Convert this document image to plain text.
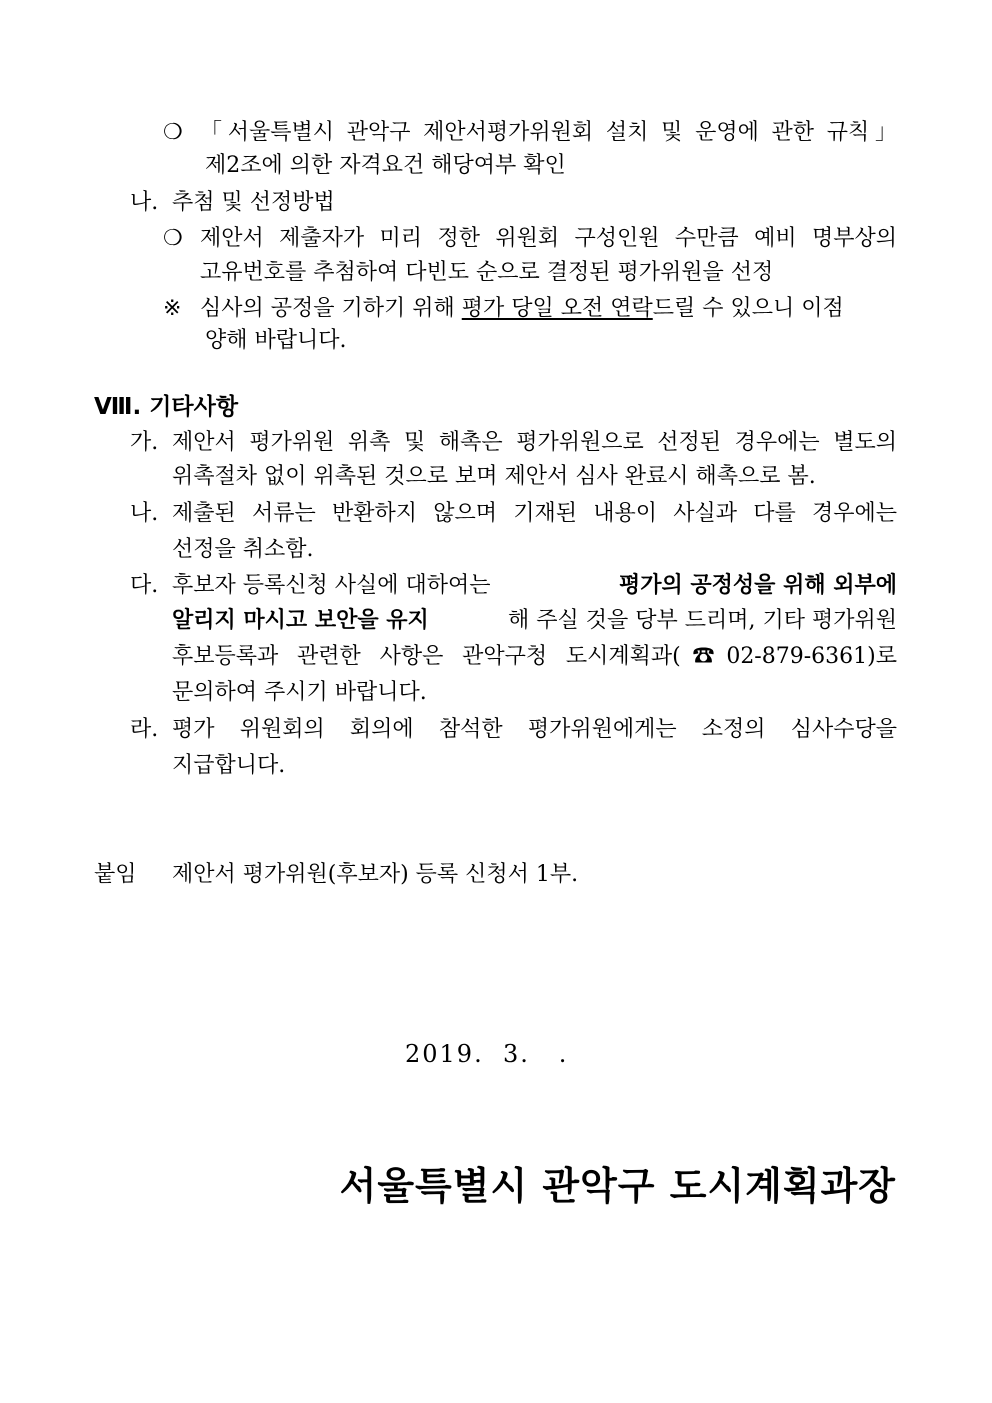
❍ 「서울특별시 관악구 제안서평가위원회 설치 및 운영에 관한 규칙」
제2조에 의한 자격요건 해당여부 확인
나. 추첨 및 선정방법
❍ 제안서 제출자가 미리 정한 위원회 구성인원 수만큼 예비 명부상의
고유번호를 추첨하여 다빈도 순으로 결정된 평가위원을 선정
※ 심사의 공정을 기하기 위해 평가 당일 오전 연락드릴 수 있으니 이점
양해 바랍니다.
Ⅷ. 기타사항
가. 제안서 평가위원 위촉 및 해촉은 평가위원으로 선정된 경우에는 별도의
위촉절차 없이 위촉된 것으로 보며 제안서 심사 완료시 해촉으로 봄.
나. 제출된 서류는 반환하지 않으며 기재된 내용이 사실과 다를 경우에는
선정을 취소함.
다. 후보자 등록신청 사실에 대하여는	평가의 공정성을 위해 외부에
알리지 마시고 보안을 유지	해 주실 것을 당부 드리며, 기타 평가위원
후보등록과 관련한 사항은 관악구청 도시계획과(☎02-879-6361)로
문의하여 주시기 바랍니다.
라. 평가 위원회의 회의에 참석한 평가위원에게는 소정의 심사수당을
지급합니다.
붙임 제안서 평가위원(후보자) 등록 신청서 1부.
2019.  3.   .
서울특별시 관악구 도시계획과장
